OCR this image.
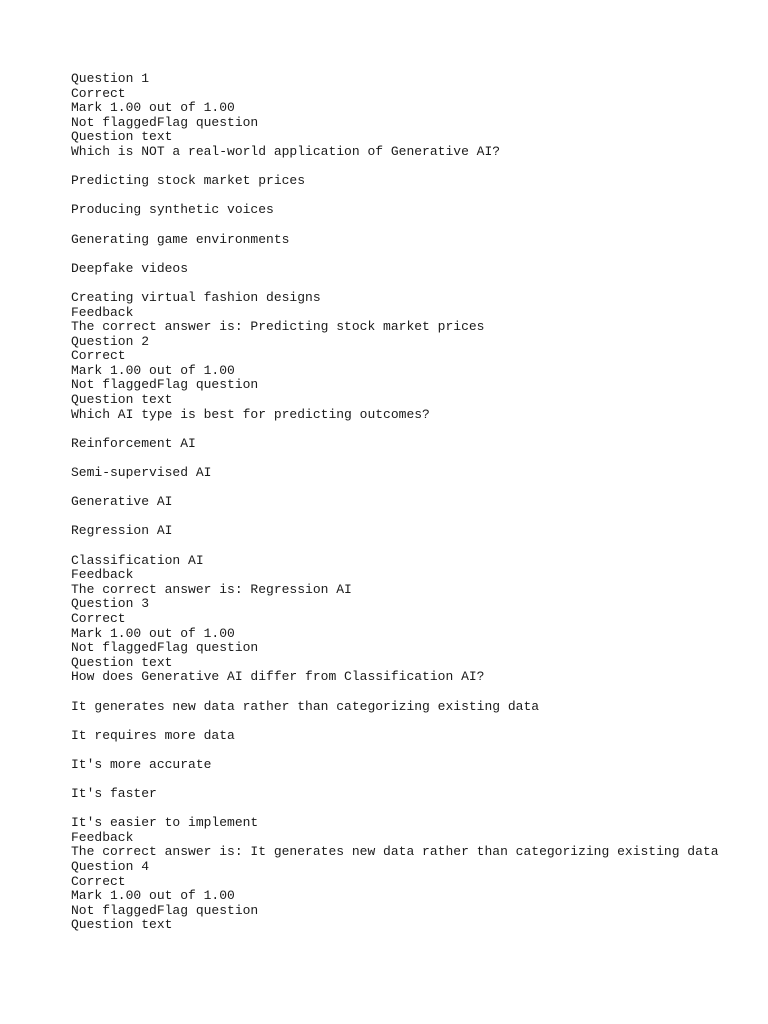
Question 1
Correct
Mark 1.00 out of 1.00
Not flaggedFlag question
Question text
Which is NOT a real-world application of Generative AI?
Predicting stock market prices
Producing synthetic voices
Generating game environments
Deepfake videos
Creating virtual fashion designs
Feedback
The correct answer is: Predicting stock market prices
Question 2
Correct
Mark 1.00 out of 1.00
Not flaggedFlag question
Question text
Which AI type is best for predicting outcomes?
Reinforcement AI
Semi-supervised AI
Generative AI
Regression AI
Classification AI
Feedback
The correct answer is: Regression AI
Question 3
Correct
Mark 1.00 out of 1.00
Not flaggedFlag question
Question text
How does Generative AI differ from Classification AI?
It generates new data rather than categorizing existing data
It requires more data
It's more accurate
It's faster
It's easier to implement
Feedback
The correct answer is: It generates new data rather than categorizing existing data
Question 4
Correct
Mark 1.00 out of 1.00
Not flaggedFlag question
Question text
